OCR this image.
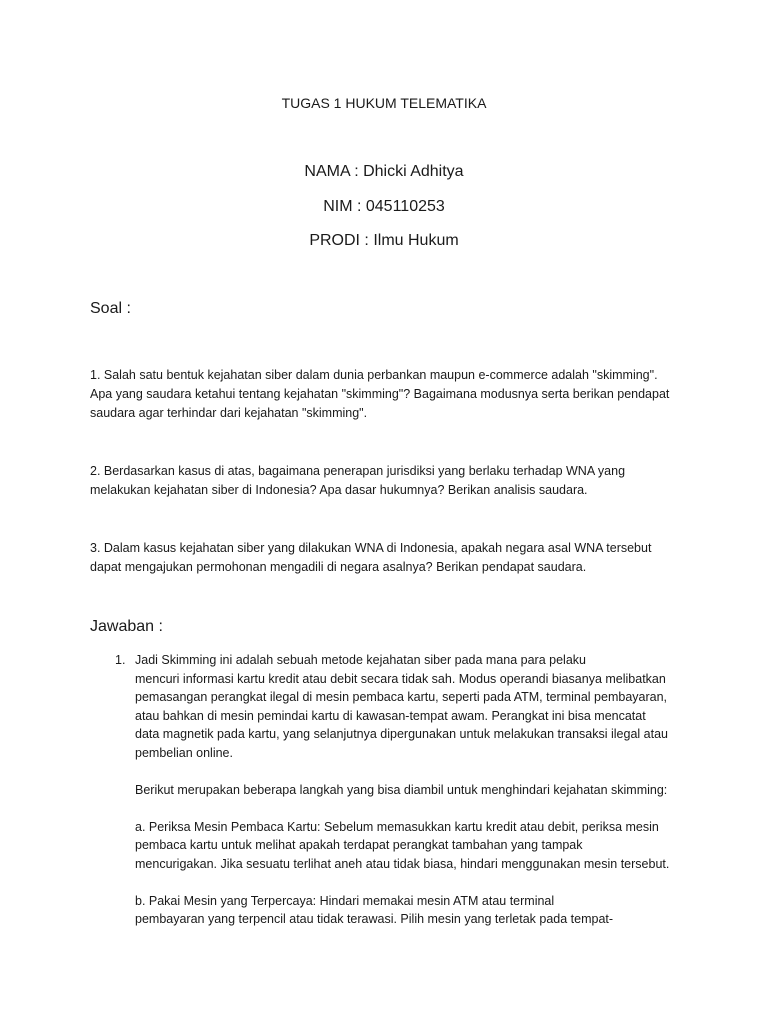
TUGAS 1 HUKUM TELEMATIKA
NAMA : Dhicki Adhitya
NIM : 045110253
PRODI : Ilmu Hukum
Soal :
1. Salah satu bentuk kejahatan siber dalam dunia perbankan maupun e-commerce adalah "skimming".
Apa yang saudara ketahui tentang kejahatan "skimming"? Bagaimana modusnya serta berikan pendapat
saudara agar terhindar dari kejahatan "skimming".
2. Berdasarkan kasus di atas, bagaimana penerapan jurisdiksi yang berlaku terhadap WNA yang
melakukan kejahatan siber di Indonesia? Apa dasar hukumnya? Berikan analisis saudara.
3. Dalam kasus kejahatan siber yang dilakukan WNA di Indonesia, apakah negara asal WNA tersebut
dapat mengajukan permohonan mengadili di negara asalnya? Berikan pendapat saudara.
Jawaban :
1. Jadi Skimming ini adalah sebuah metode kejahatan siber pada mana para pelaku
mencuri informasi kartu kredit atau debit secara tidak sah. Modus operandi biasanya melibatkan
pemasangan perangkat ilegal di mesin pembaca kartu, seperti pada ATM, terminal pembayaran,
atau bahkan di mesin pemindai kartu di kawasan-tempat awam. Perangkat ini bisa mencatat
data magnetik pada kartu, yang selanjutnya dipergunakan untuk melakukan transaksi ilegal atau
pembelian online.
Berikut merupakan beberapa langkah yang bisa diambil untuk menghindari kejahatan skimming:
a. Periksa Mesin Pembaca Kartu: Sebelum memasukkan kartu kredit atau debit, periksa mesin
pembaca kartu untuk melihat apakah terdapat perangkat tambahan yang tampak
mencurigakan. Jika sesuatu terlihat aneh atau tidak biasa, hindari menggunakan mesin tersebut.
b. Pakai Mesin yang Terpercaya: Hindari memakai mesin ATM atau terminal
pembayaran yang terpencil atau tidak terawasi. Pilih mesin yang terletak pada tempat-
